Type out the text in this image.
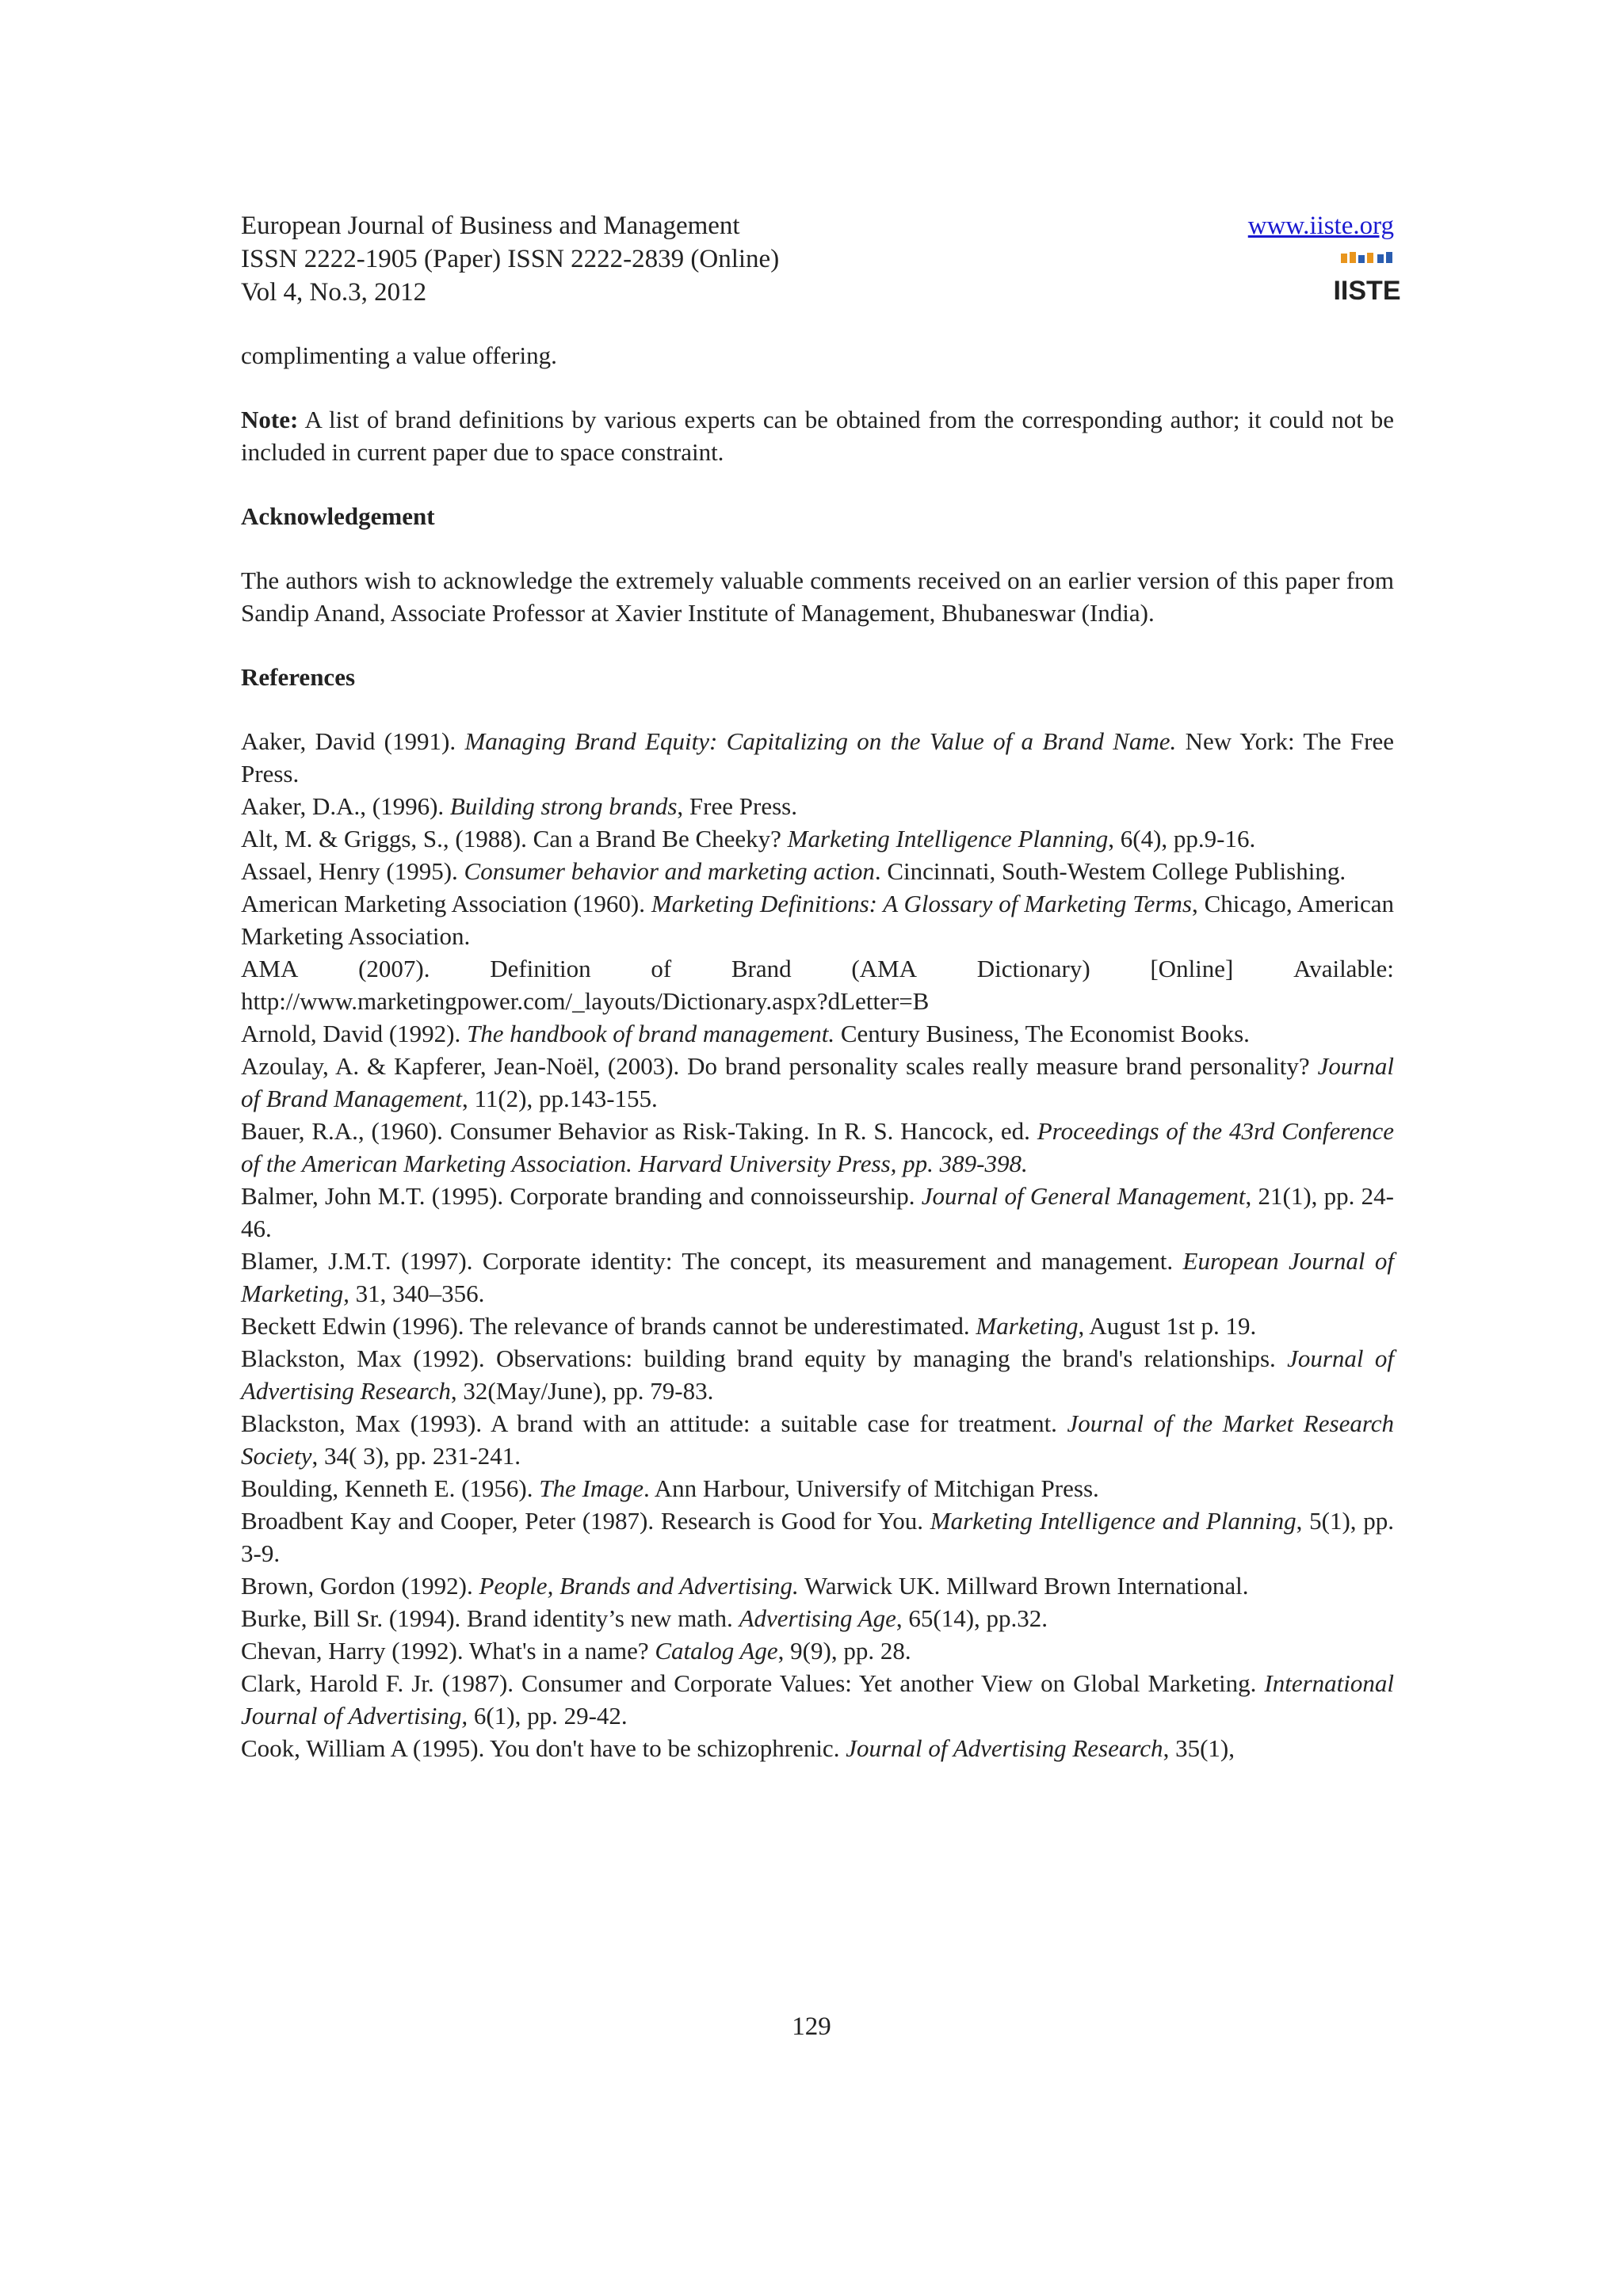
European Journal of Business and Management
ISSN 2222-1905 (Paper) ISSN 2222-2839 (Online)
Vol 4, No.3, 2012
www.iiste.org
IISTE

complimenting a value offering.

Note: A list of brand definitions by various experts can be obtained from the corresponding author; it could not be included in current paper due to space constraint.

Acknowledgement

The authors wish to acknowledge the extremely valuable comments received on an earlier version of this paper from Sandip Anand, Associate Professor at Xavier Institute of Management, Bhubaneswar (India).

References

Aaker, David (1991). Managing Brand Equity: Capitalizing on the Value of a Brand Name. New York: The Free Press.

Aaker, D.A., (1996). Building strong brands, Free Press.

Alt, M. & Griggs, S., (1988). Can a Brand Be Cheeky? Marketing Intelligence Planning, 6(4), pp.9-16.

Assael, Henry (1995). Consumer behavior and marketing action. Cincinnati, South-Westem College Publishing.

American Marketing Association (1960). Marketing Definitions: A Glossary of Marketing Terms, Chicago, American Marketing Association.

AMA (2007). Definition of Brand (AMA Dictionary) [Online] Available:
http://www.marketingpower.com/_layouts/Dictionary.aspx?dLetter=B

Arnold, David (1992). The handbook of brand management. Century Business, The Economist Books.

Azoulay, A. & Kapferer, Jean-Noël, (2003). Do brand personality scales really measure brand personality? Journal of Brand Management, 11(2), pp.143-155.

Bauer, R.A., (1960). Consumer Behavior as Risk-Taking. In R. S. Hancock, ed. Proceedings of the 43rd Conference of the American Marketing Association. Harvard University Press, pp. 389-398.

Balmer, John M.T. (1995). Corporate branding and connoisseurship. Journal of General Management, 21(1), pp. 24-46.

Blamer, J.M.T. (1997). Corporate identity: The concept, its measurement and management. European Journal of Marketing, 31, 340–356.

Beckett Edwin (1996). The relevance of brands cannot be underestimated. Marketing, August 1st p. 19.

Blackston, Max (1992). Observations: building brand equity by managing the brand's relationships. Journal of Advertising Research, 32(May/June), pp. 79-83.

Blackston, Max (1993). A brand with an attitude: a suitable case for treatment. Journal of the Market Research Society, 34( 3), pp. 231-241.

Boulding, Kenneth E. (1956). The Image. Ann Harbour, Universify of Mitchigan Press.

Broadbent Kay and Cooper, Peter (1987). Research is Good for You. Marketing Intelligence and Planning, 5(1), pp. 3-9.

Brown, Gordon (1992). People, Brands and Advertising. Warwick UK. Millward Brown International.

Burke, Bill Sr. (1994). Brand identity’s new math. Advertising Age, 65(14), pp.32.

Chevan, Harry (1992). What's in a name? Catalog Age, 9(9), pp. 28.

Clark, Harold F. Jr. (1987). Consumer and Corporate Values: Yet another View on Global Marketing. International Journal of Advertising, 6(1), pp. 29-42.

Cook, William A (1995). You don't have to be schizophrenic. Journal of Advertising Research, 35(1),

129
